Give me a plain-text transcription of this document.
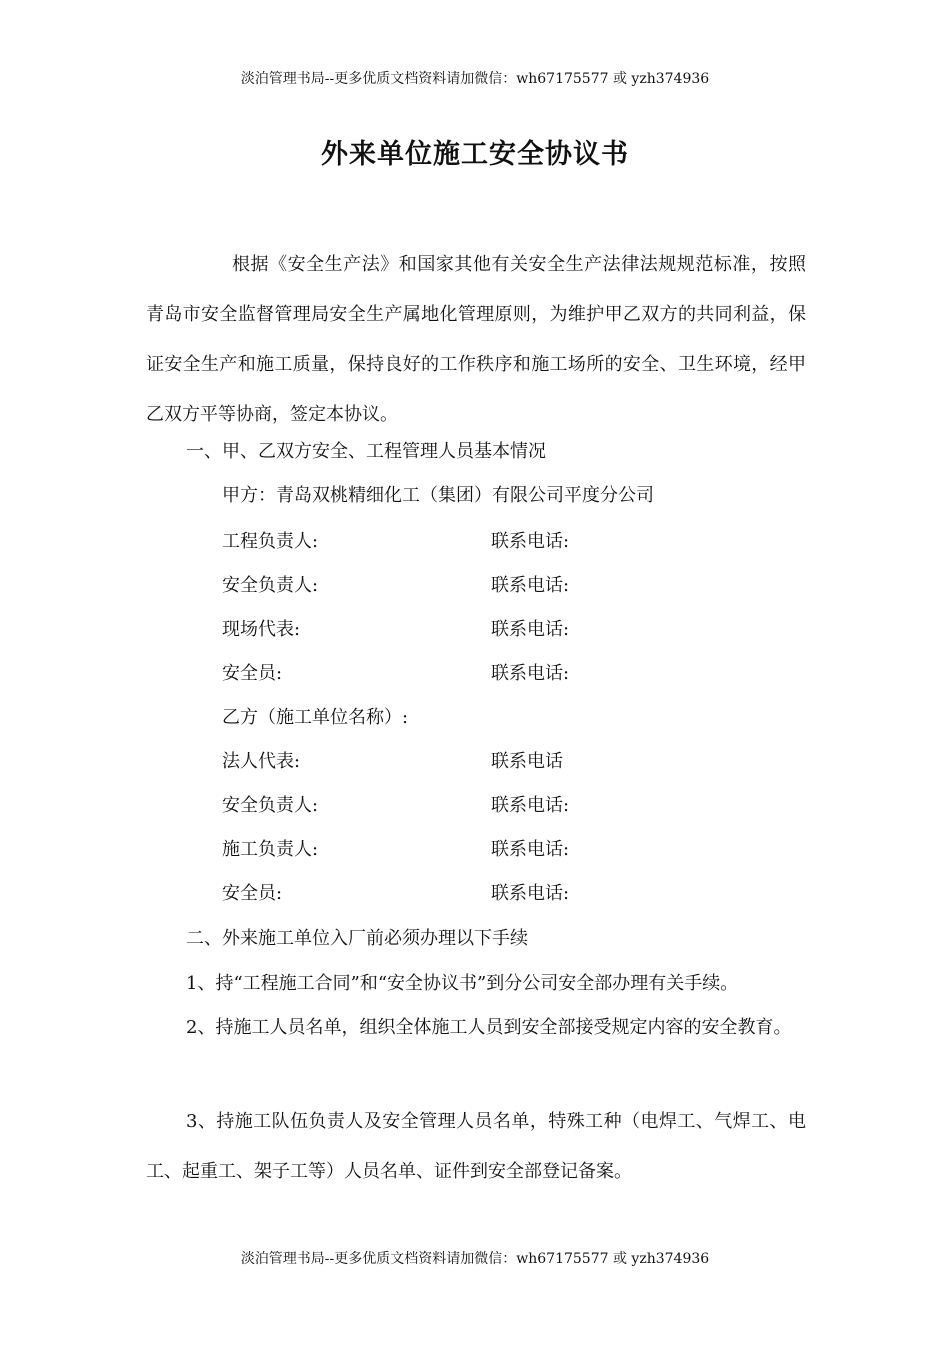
淡泊管理书局--更多优质文档资料请加微信：wh67175577 或 yzh374936
外来单位施工安全协议书
根据《安全生产法》和国家其他有关安全生产法律法规规范标准，按照青岛市安全监督管理局安全生产属地化管理原则，为维护甲乙双方的共同利益，保证安全生产和施工质量，保持良好的工作秩序和施工场所的安全、卫生环境，经甲乙双方平等协商，签定本协议。
一、甲、乙双方安全、工程管理人员基本情况
甲方：青岛双桃精细化工（集团）有限公司平度分公司
工程负责人:	联系电话:
安全负责人:	联系电话:
现场代表:	联系电话:
安全员:	联系电话:
乙方（施工单位名称）:
法人代表:	联系电话
安全负责人:	联系电话:
施工负责人:	联系电话:
安全员:	联系电话:
二、外来施工单位入厂前必须办理以下手续
1、持“工程施工合同”和“安全协议书”到分公司安全部办理有关手续。
2、持施工人员名单，组织全体施工人员到安全部接受规定内容的安全教育。
3、持施工队伍负责人及安全管理人员名单，特殊工种（电焊工、气焊工、电工、起重工、架子工等）人员名单、证件到安全部登记备案。
淡泊管理书局--更多优质文档资料请加微信：wh67175577 或 yzh374936
